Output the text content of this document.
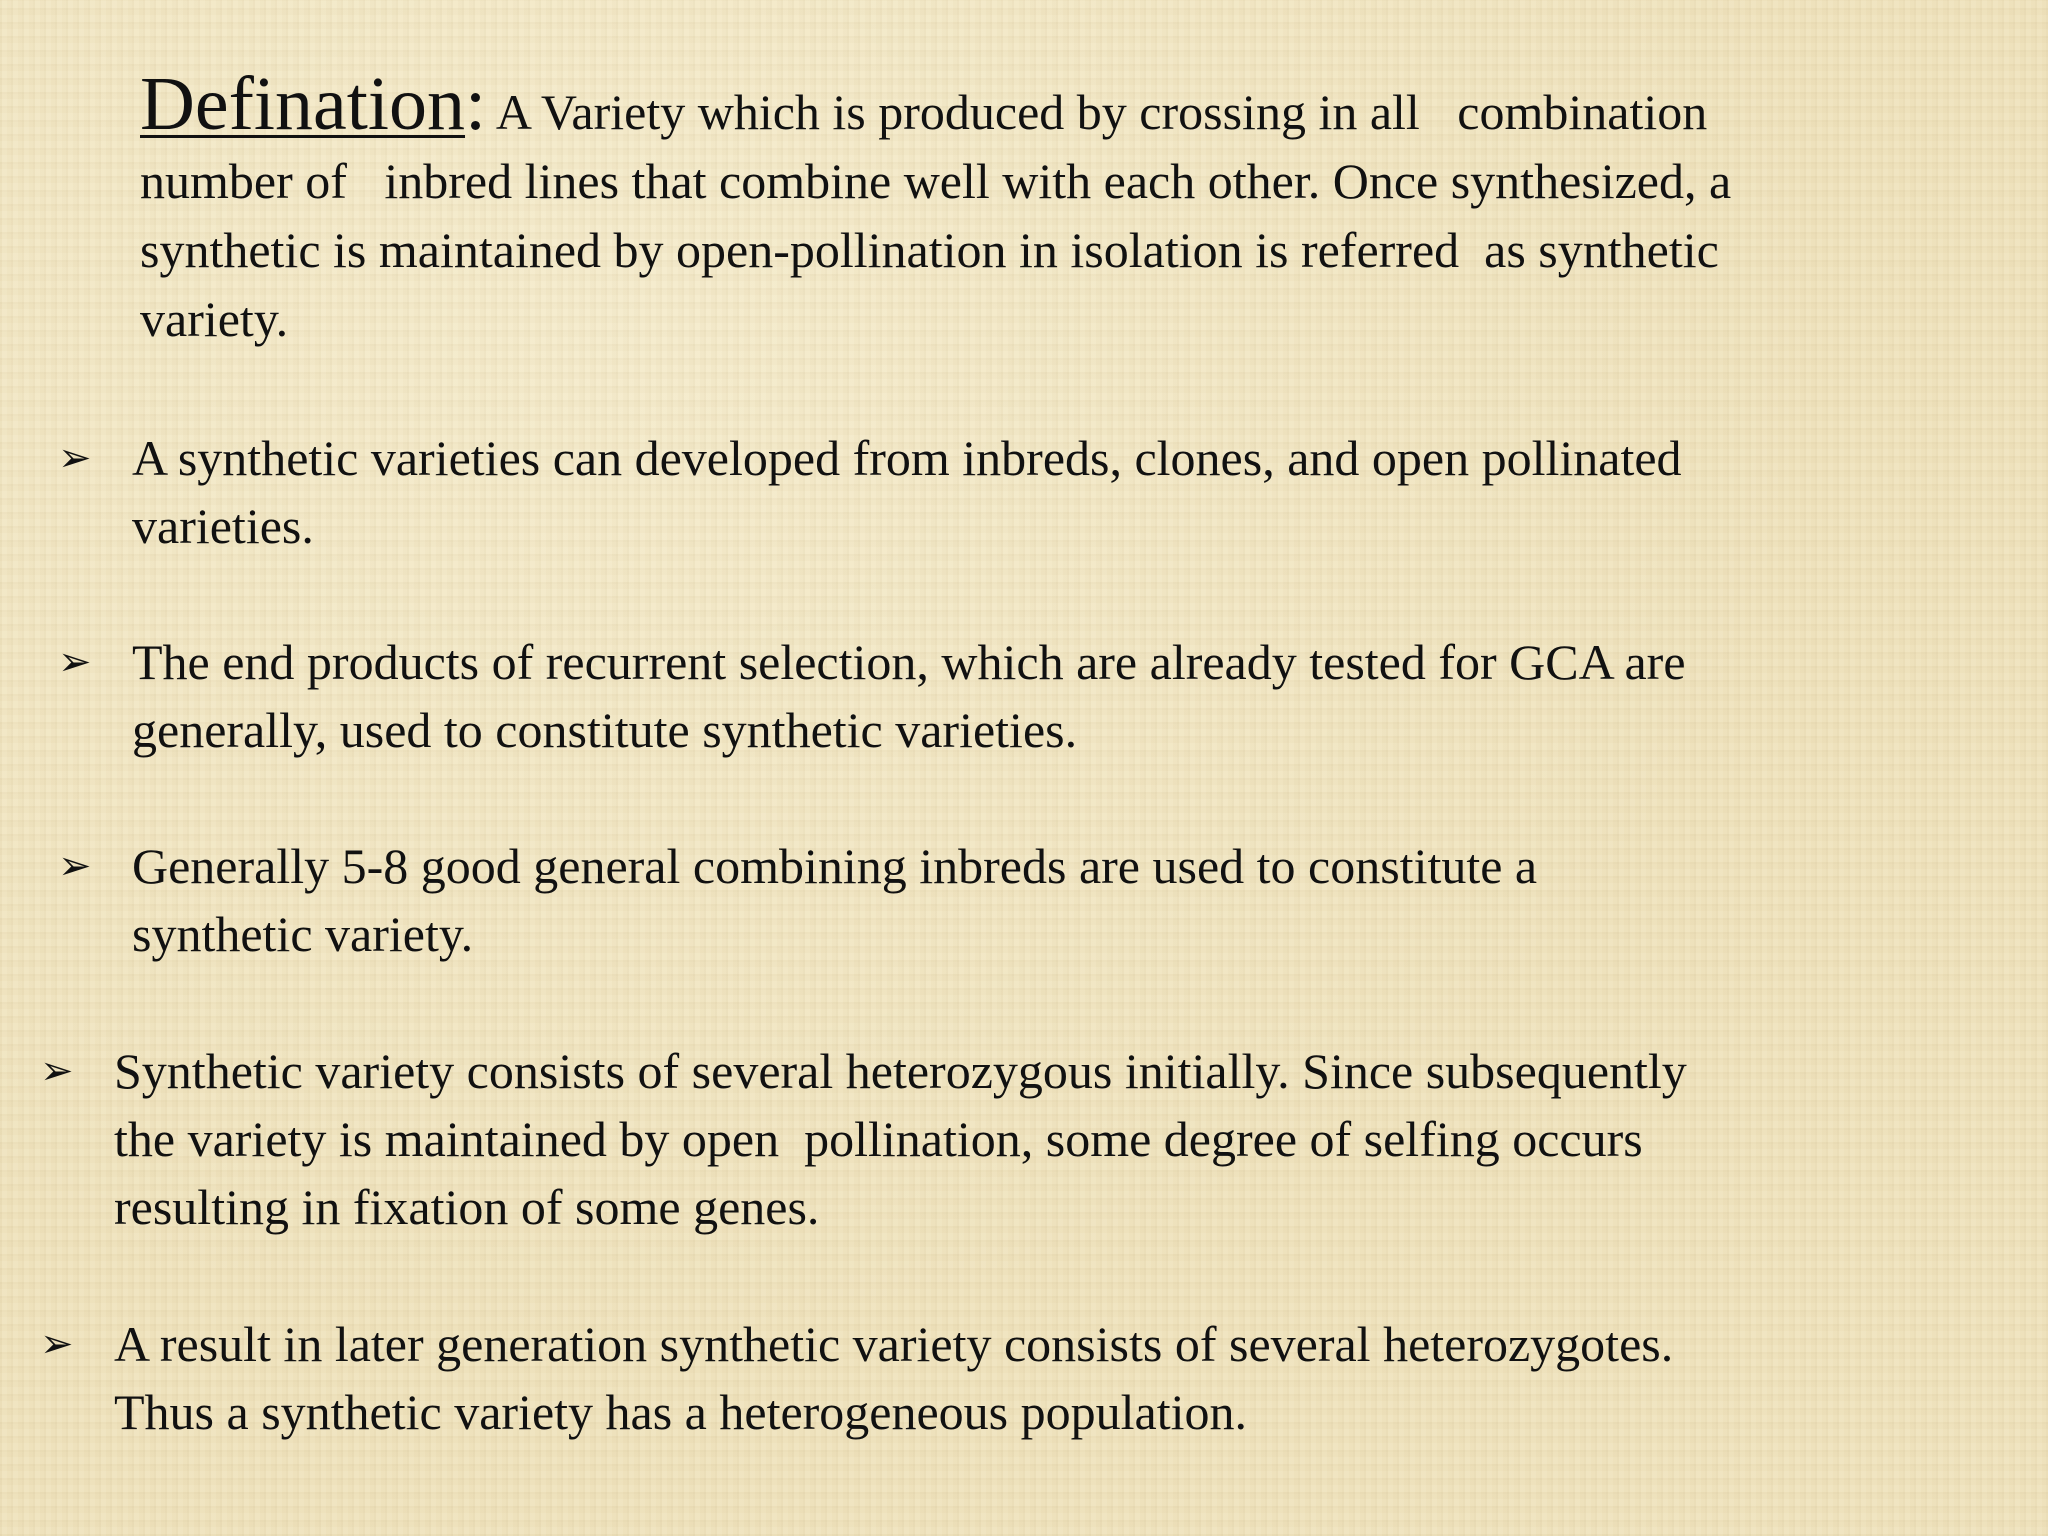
Defination: A Variety which is produced by crossing in all   combination
number of   inbred lines that combine well with each other. Once synthesized, a
synthetic is maintained by open-pollination in isolation is referred  as synthetic
variety.
➢ A synthetic varieties can developed from inbreds, clones, and open pollinated
varieties.
➢ The end products of recurrent selection, which are already tested for GCA are
generally, used to constitute synthetic varieties.
➢ Generally 5-8 good general combining inbreds are used to constitute a
synthetic variety.
➢ Synthetic variety consists of several heterozygous initially. Since subsequently
the variety is maintained by open  pollination, some degree of selfing occurs
resulting in fixation of some genes.
➢ A result in later generation synthetic variety consists of several heterozygotes.
Thus a synthetic variety has a heterogeneous population.
